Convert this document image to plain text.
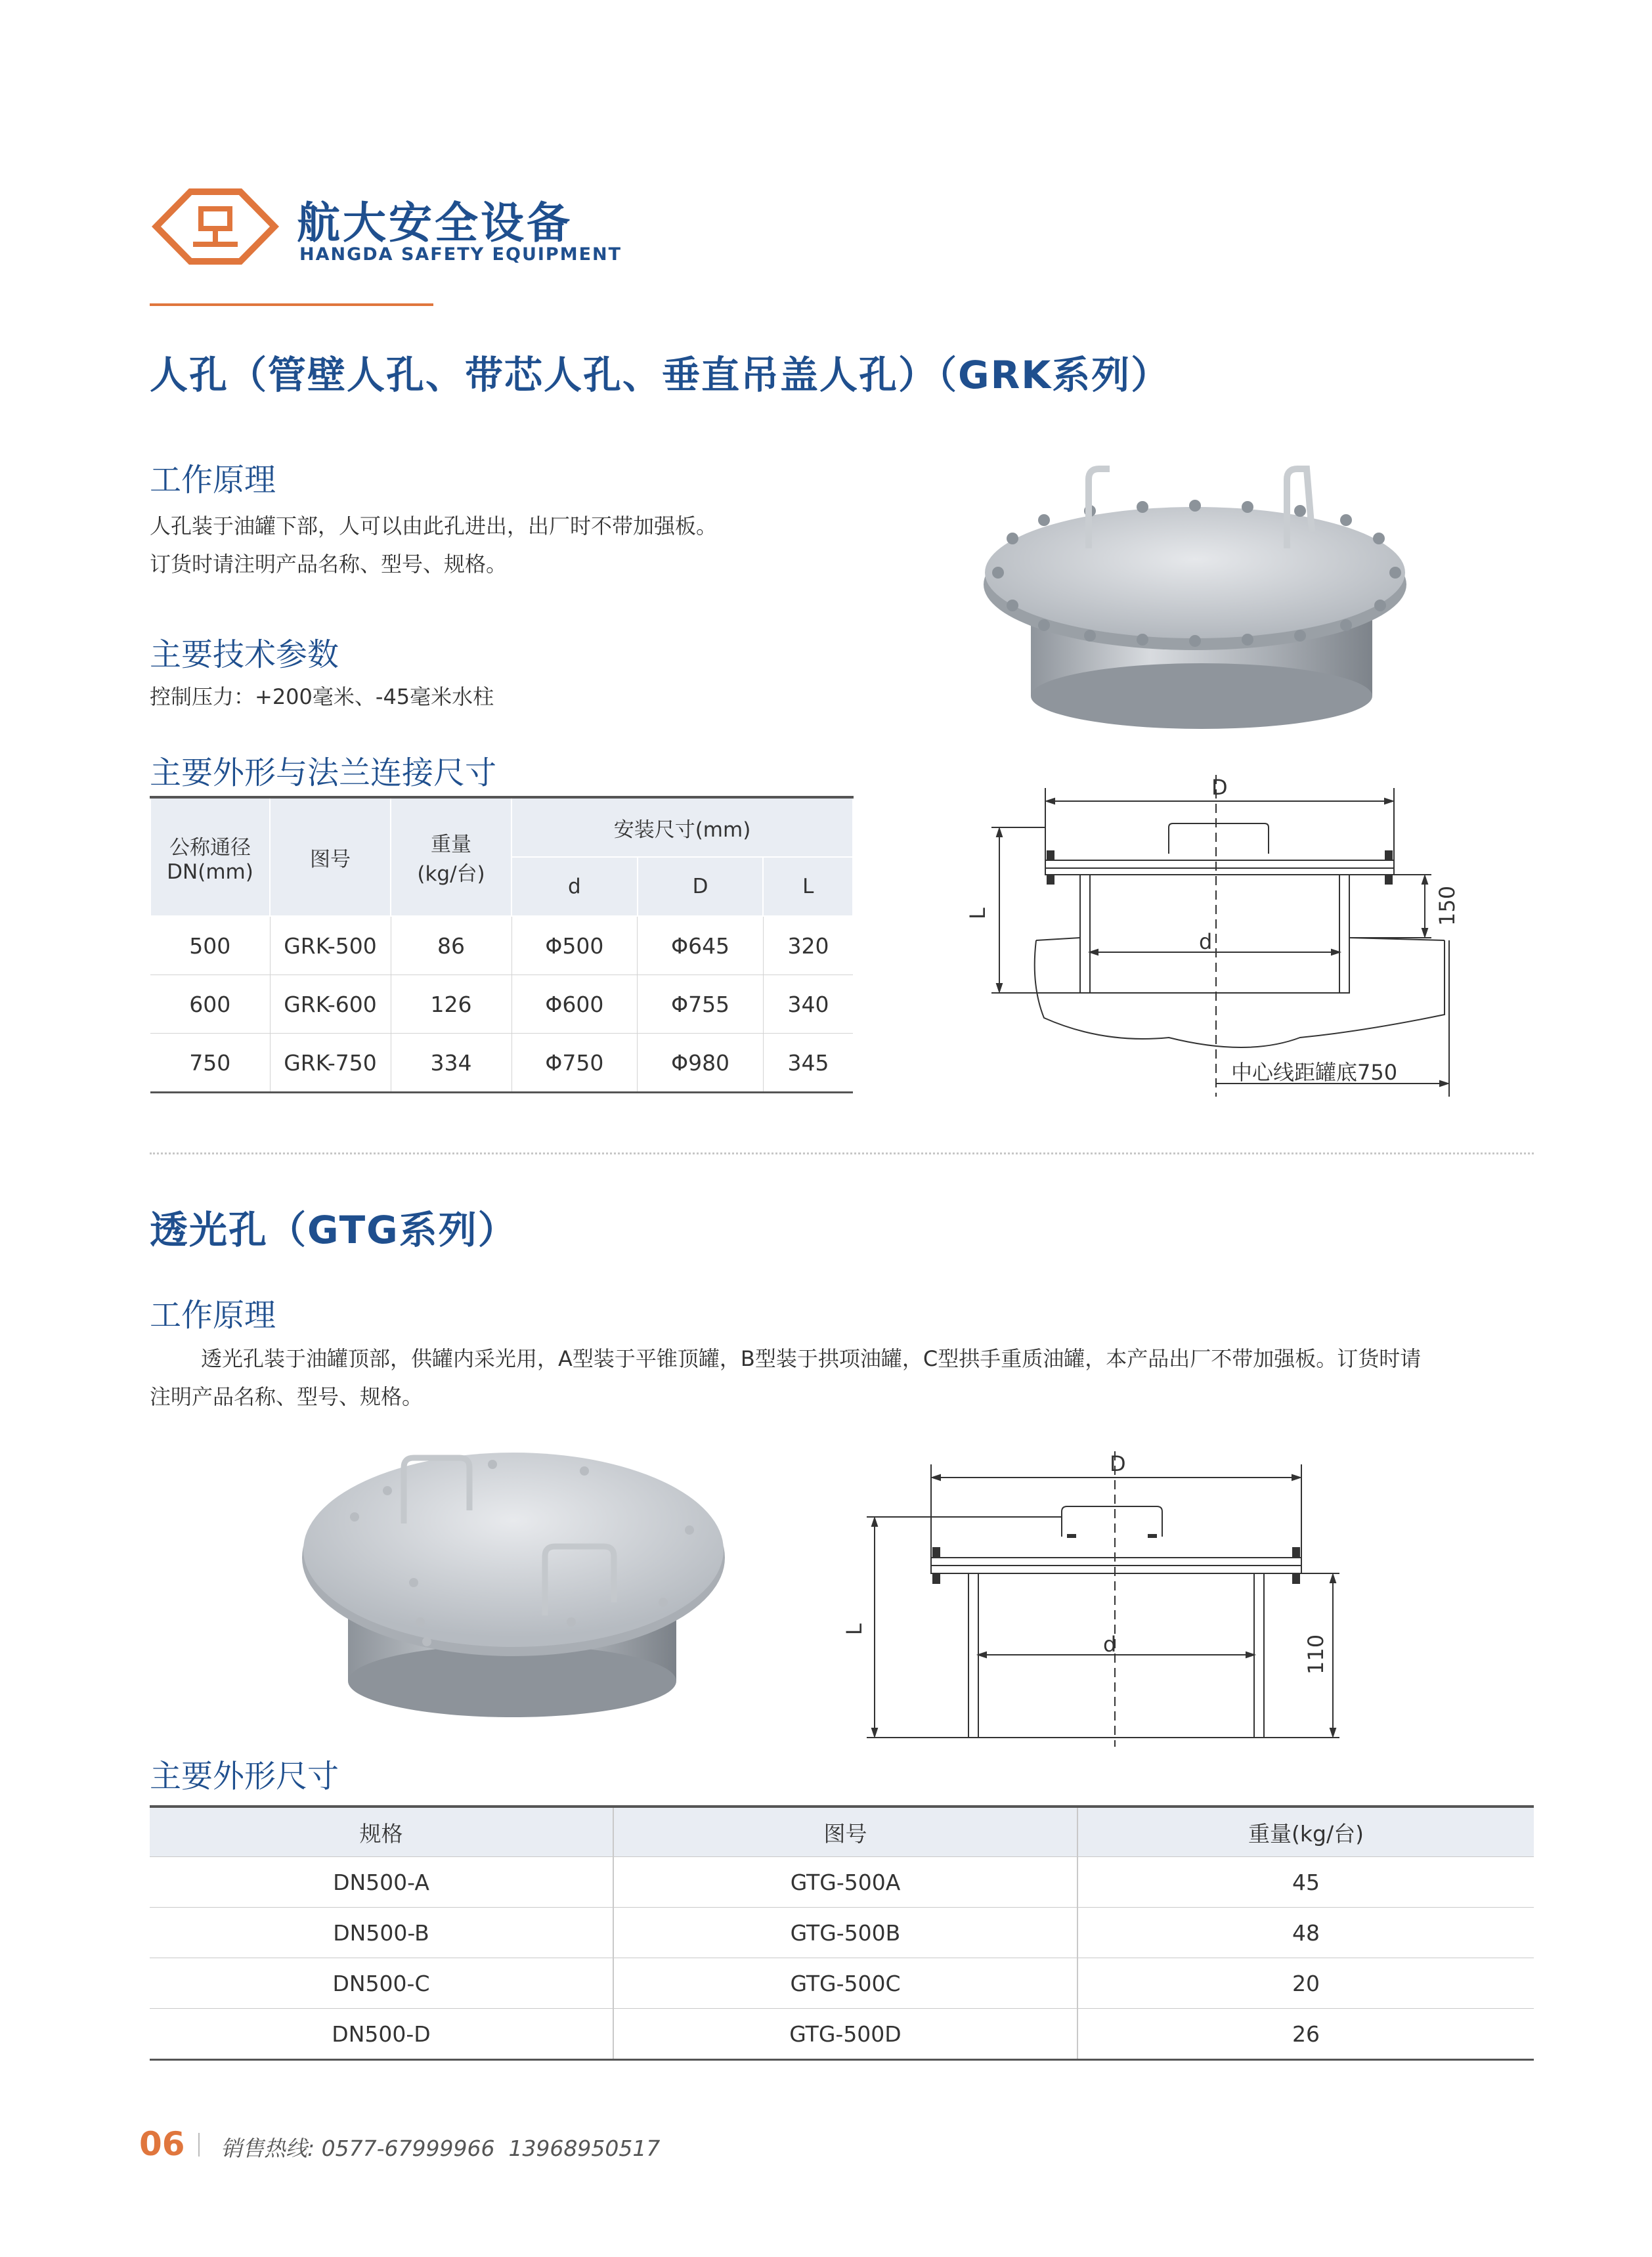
航大安全设备
HANGDA SAFETY EQUIPMENT
人孔（管壁人孔、带芯人孔、垂直吊盖人孔）（GRK系列）
工作原理
人孔装于油罐下部，人可以由此孔进出，出厂时不带加强板。
订货时请注明产品名称、型号、规格。
主要技术参数
控制压力：+200毫米、-45毫米水柱
主要外形与法兰连接尺寸
公称通径
DN(mm)	图号	重量
(kg/台)	安装尺寸(mm)		
			d	D	L
500	GRK-500	86	Φ500	Φ645	320
600	GRK-600	126	Φ600	Φ755	340
750	GRK-750	334	Φ750	Φ980	345
D
d
L	150
中心线距罐底750
透光孔（GTG系列）
工作原理
透光孔装于油罐顶部，供罐内采光用，A型装于平锥顶罐，B型装于拱项油罐，C型拱手重质油罐，本产品出厂不带加强板。订货时请
注明产品名称、型号、规格。
D
d
L
110
主要外形尺寸
规格	图号	重量(kg/台)
DN500-A	GTG-500A	45
DN500-B	GTG-500B	48
DN500-C	GTG-500C	20
DN500-D	GTG-500D	26
06 销售热线: 0577-67999966  13968950517
